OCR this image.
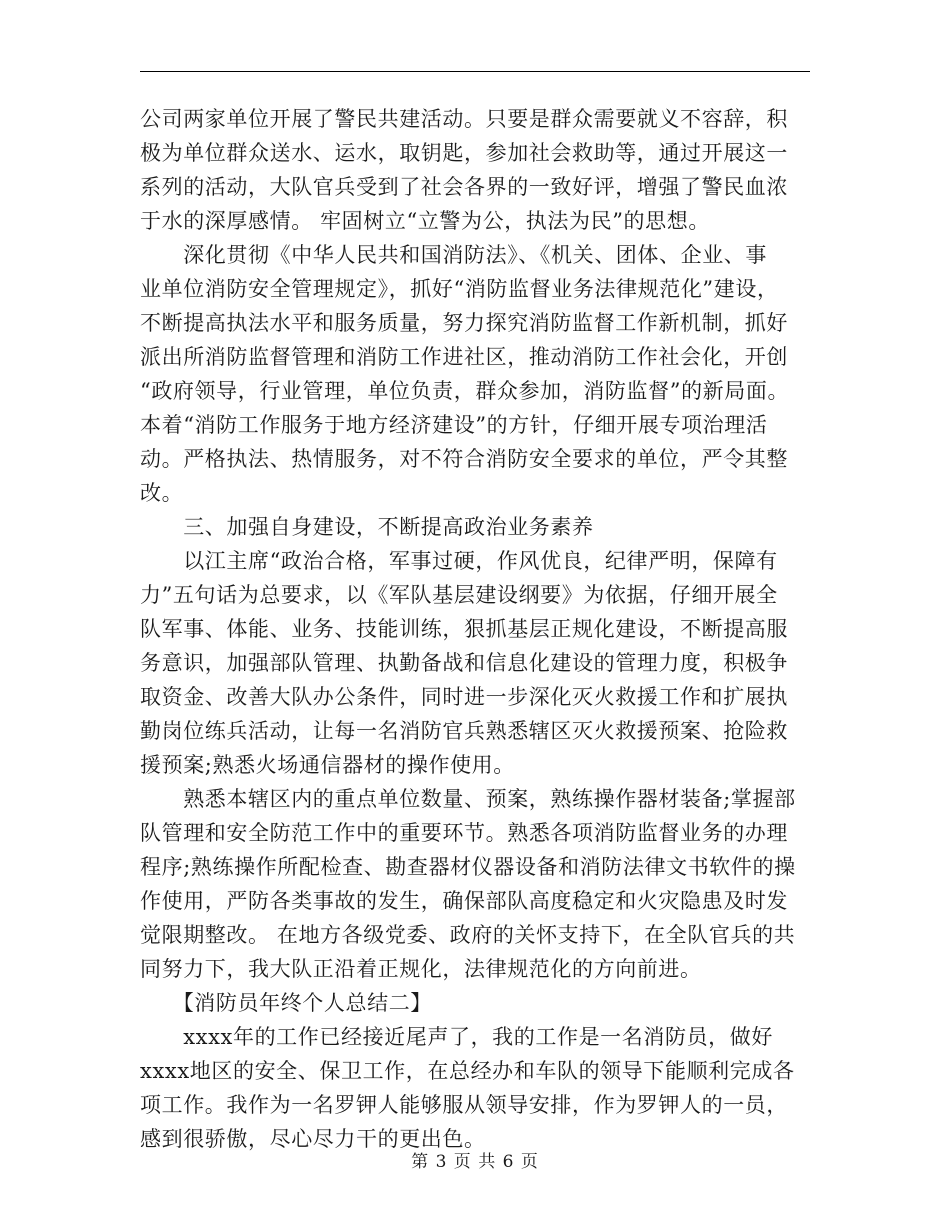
公司两家单位开展了警民共建活动。只要是群众需要就义不容辞，积
极为单位群众送水、运水，取钥匙，参加社会救助等，通过开展这一
系列的活动，大队官兵受到了社会各界的一致好评，增强了警民血浓
于水的深厚感情。 牢固树立“立警为公，执法为民”的思想。
　　深化贯彻《中华人民共和国消防法》、《机关、团体、企业、事
业单位消防安全管理规定》，抓好“消防监督业务法律规范化”建设，
不断提高执法水平和服务质量，努力探究消防监督工作新机制，抓好
派出所消防监督管理和消防工作进社区，推动消防工作社会化，开创
“政府领导，行业管理，单位负责，群众参加，消防监督”的新局面。
本着“消防工作服务于地方经济建设”的方针，仔细开展专项治理活
动。严格执法、热情服务，对不符合消防安全要求的单位，严令其整
改。
　　三、加强自身建设，不断提高政治业务素养
　　以江主席“政治合格，军事过硬，作风优良，纪律严明，保障有
力”五句话为总要求，以《军队基层建设纲要》为依据，仔细开展全
队军事、体能、业务、技能训练，狠抓基层正规化建设，不断提高服
务意识，加强部队管理、执勤备战和信息化建设的管理力度，积极争
取资金、改善大队办公条件，同时进一步深化灭火救援工作和扩展执
勤岗位练兵活动，让每一名消防官兵熟悉辖区灭火救援预案、抢险救
援预案;熟悉火场通信器材的操作使用。
　　熟悉本辖区内的重点单位数量、预案，熟练操作器材装备;掌握部
队管理和安全防范工作中的重要环节。熟悉各项消防监督业务的办理
程序;熟练操作所配检查、勘查器材仪器设备和消防法律文书软件的操
作使用，严防各类事故的发生，确保部队高度稳定和火灾隐患及时发
觉限期整改。 在地方各级党委、政府的关怀支持下，在全队官兵的共
同努力下，我大队正沿着正规化，法律规范化的方向前进。
　　【消防员年终个人总结二】
　　xxxx年的工作已经接近尾声了，我的工作是一名消防员，做好
xxxx地区的安全、保卫工作，在总经办和车队的领导下能顺利完成各
项工作。我作为一名罗钾人能够服从领导安排，作为罗钾人的一员，
感到很骄傲，尽心尽力干的更出色。
第 3 页 共 6 页
